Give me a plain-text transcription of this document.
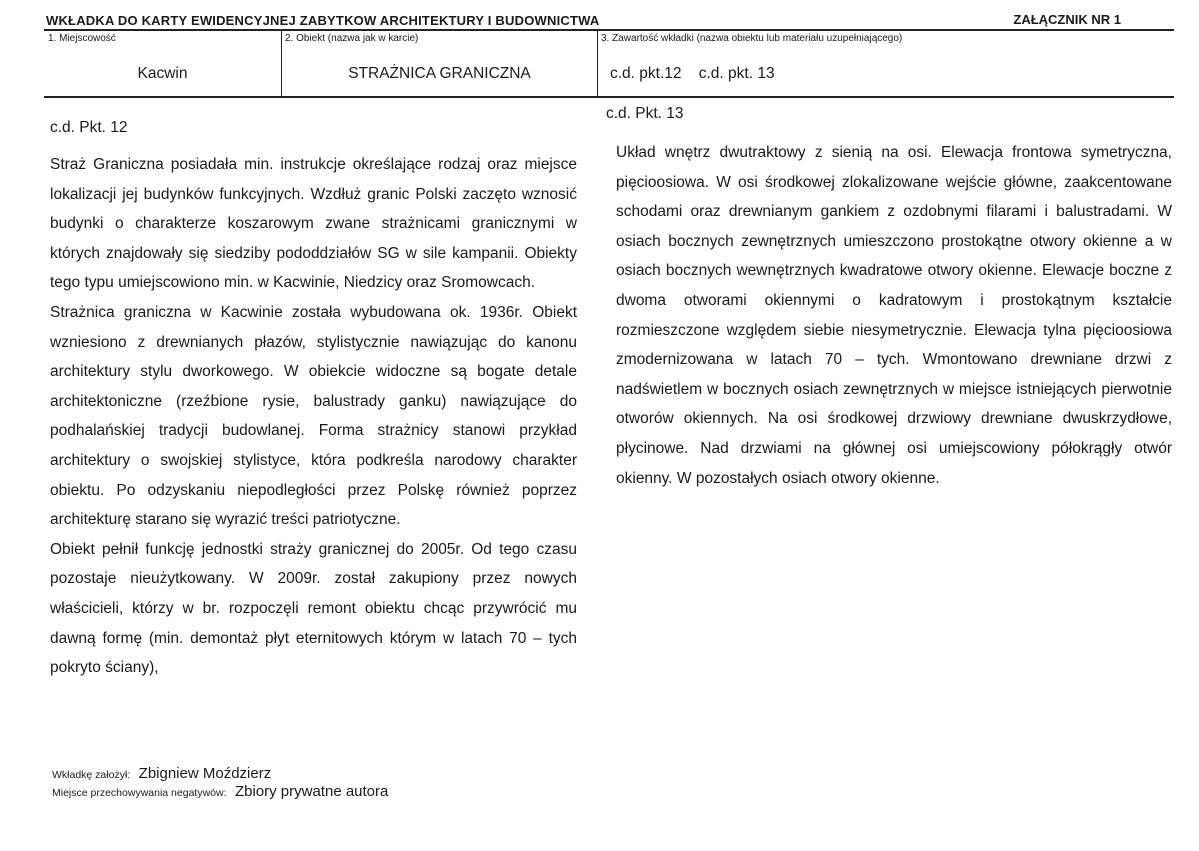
WKŁADKA DO KARTY EWIDENCYJNEJ ZABYTKOW ARCHITEKTURY I BUDOWNICTWA	ZAŁĄCZNIK NR 1
1. Miejscowość
Kacwin
2. Obiekt (nazwa jak w karcie)
STRAŻNICA GRANICZNA
3. Zawartość wkładki (nazwa obiektu lub materiału uzupełniającego)
c.d. pkt.12    c.d. pkt. 13
c.d. Pkt. 12

Straż Graniczna posiadała min. instrukcje określające rodzaj oraz miejsce lokalizacji jej budynków funkcyjnych. Wzdłuż granic Polski zaczęto wznosić budynki o charakterze koszarowym zwane strażnicami granicznymi w których znajdowały się siedziby pododdziałów SG w sile kampanii. Obiekty tego typu umiejscowiono min. w Kacwinie, Niedzicy oraz Sromowcach.

Strażnica graniczna w Kacwinie została wybudowana ok. 1936r. Obiekt wzniesiono z drewnianych płazów, stylistycznie nawiązując do kanonu architektury stylu dworkowego. W obiekcie widoczne są bogate detale architektoniczne (rzeźbione rysie, balustrady ganku) nawiązujące do podhalańskiej tradycji budowlanej. Forma strażnicy stanowi przykład architektury o swojskiej stylistyce, która podkreśla narodowy charakter obiektu. Po odzyskaniu niepodległości przez Polskę również poprzez architekturę starano się wyrazić treści patriotyczne.

Obiekt pełnił funkcję jednostki straży granicznej do 2005r. Od tego czasu pozostaje nieużytkowany. W 2009r. został zakupiony przez nowych właścicieli, którzy w br. rozpoczęli remont obiektu chcąc przywrócić mu dawną formę (min. demontaż płyt eternitowych którym w latach 70 – tych pokryto ściany),

c.d. Pkt. 13

Układ wnętrz dwutraktowy z sienią na osi. Elewacja frontowa symetryczna, pięcioosiowa. W osi środkowej zlokalizowane wejście główne, zaakcentowane schodami oraz drewnianym gankiem z ozdobnymi filarami i balustradami. W osiach bocznych zewnętrznych umieszczono prostokątne otwory okienne a w osiach bocznych wewnętrznych kwadratowe otwory okienne. Elewacje boczne z dwoma otworami okiennymi o kadratowym i prostokątnym kształcie rozmieszczone względem siebie niesymetrycznie. Elewacja tylna pięcioosiowa zmodernizowana w latach 70 – tych. Wmontowano drewniane drzwi z nadświetlem w bocznych osiach zewnętrznych w miejsce istniejących pierwotnie otworów okiennych. Na osi środkowej drzwiowy drewniane dwuskrzydłowe, płycinowe. Nad drzwiami na głównej osi umiejscowiony półokrągły otwór okienny. W pozostałych osiach otwory okienne.

Wkładkę założył: Zbigniew Moździerz
Miejsce przechowywania negatywów: Zbiory prywatne autora
